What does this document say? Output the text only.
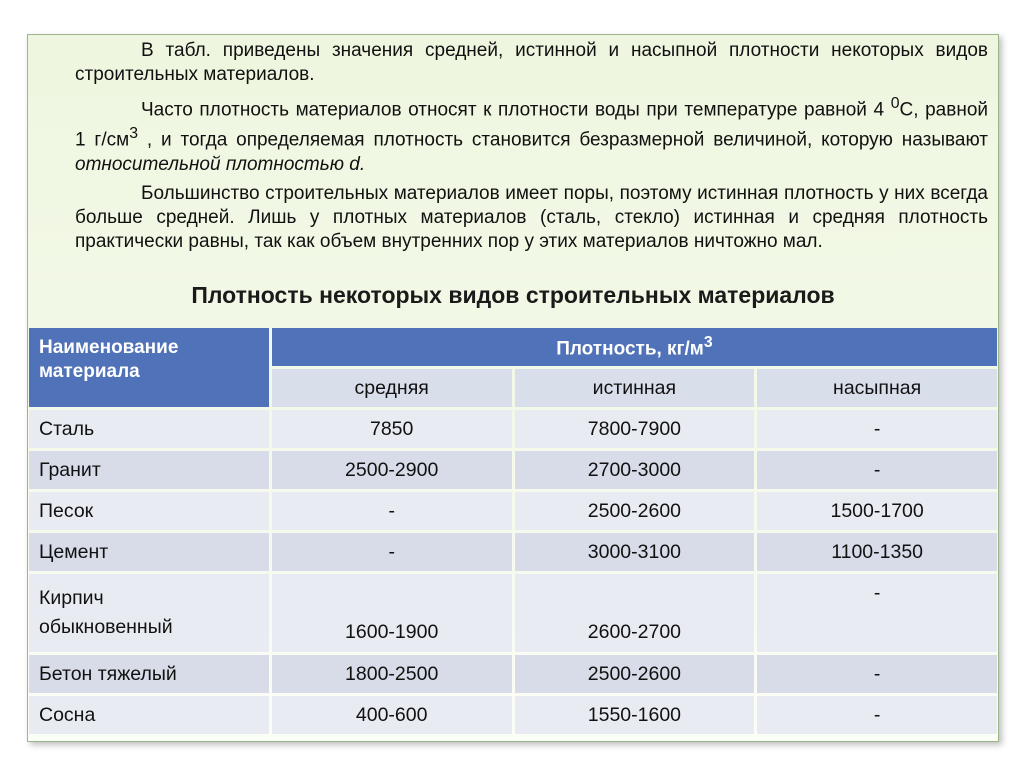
В табл. приведены значения средней, истинной и насыпной плотности некоторых видов строительных материалов.

Часто плотность материалов относят к плотности воды при температуре равной 4 $^0$С, равной 1 $г/см^3$ , и тогда определяемая плотность становится безразмерной величиной, которую называют относительной плотностью d.

Большинство строительных материалов имеет поры, поэтому истинная плотность у них всегда больше средней. Лишь у плотных материалов (сталь, стекло) истинная и средняя плотность практически равны, так как объем внутренних пор у этих материалов ничтожно мал.

Плотность некоторых видов строительных материалов
Наименование материала	Плотность, $кг/м^3$
	средняя	истинная	насыпная
Сталь	7850	7800-7900	-
Гранит	2500-2900	2700-3000	-
Песок	-	2500-2600	1500-1700
Цемент	-	3000-3100	1100-1350
Кирпич
обыкновенный	1600-1900	2600-2700	-
Бетон тяжелый	1800-2500	2500-2600	-
Сосна	400-600	1550-1600	-
